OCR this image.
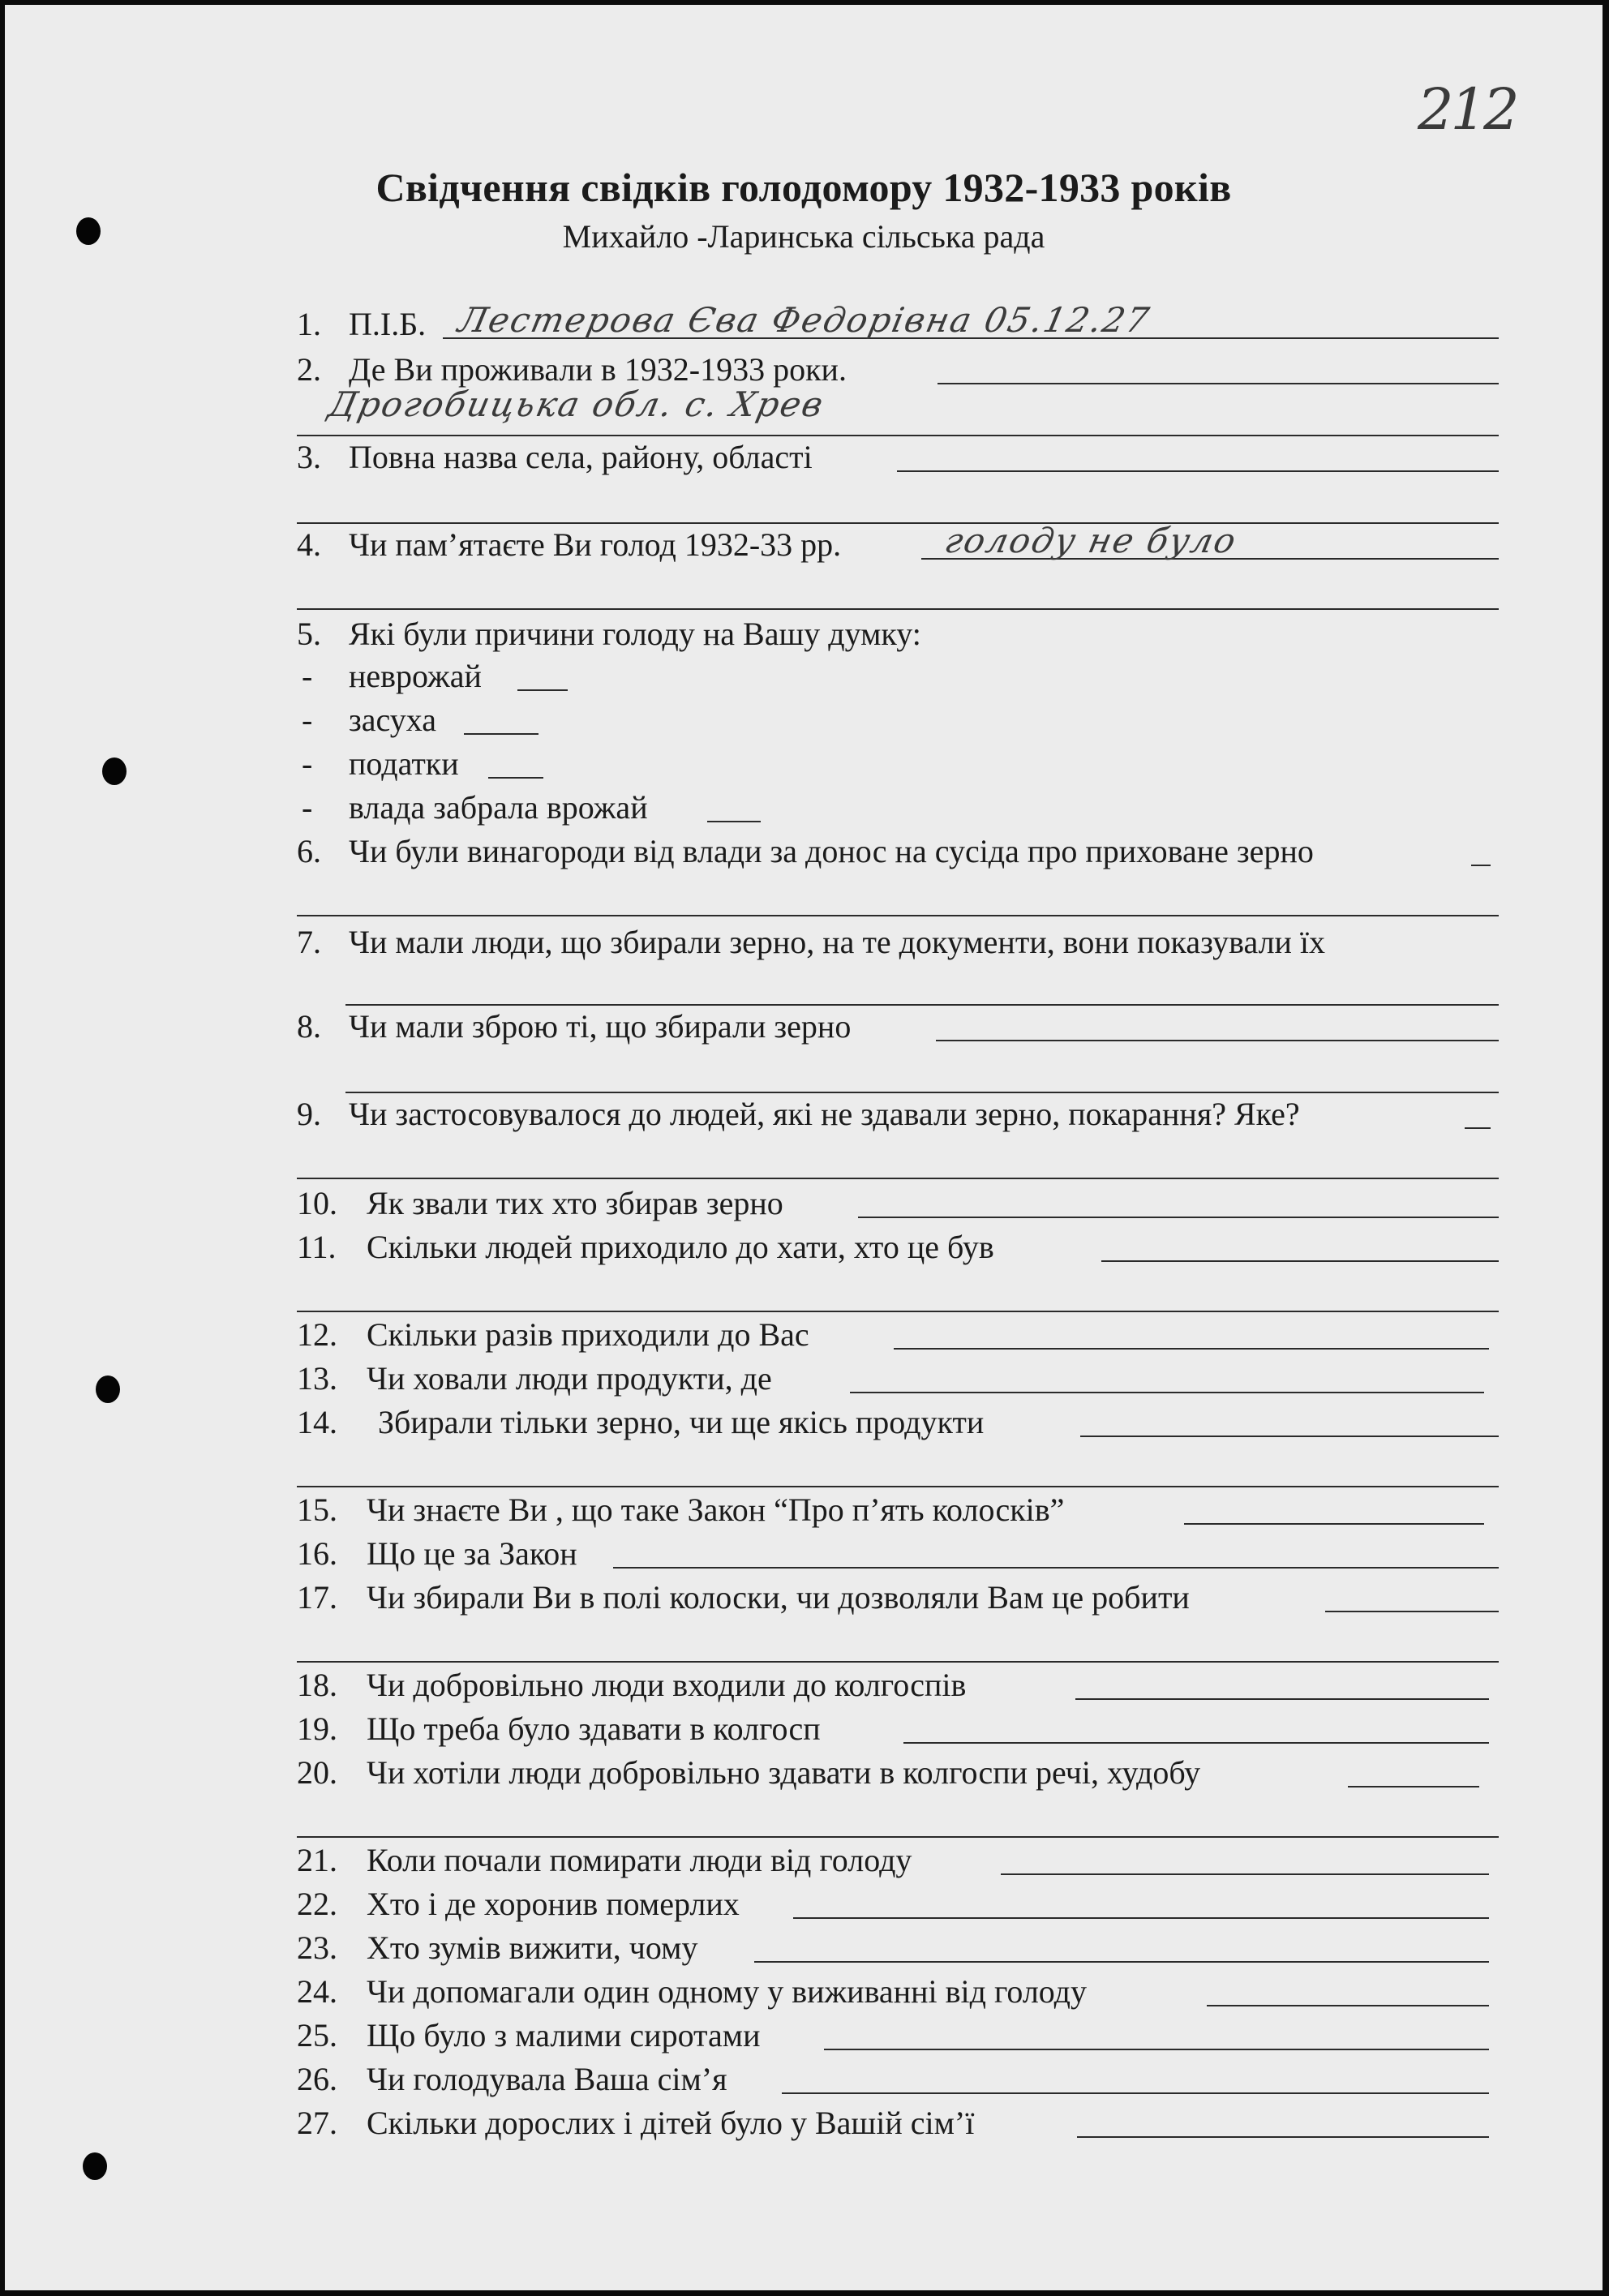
212
Свідчення свідків голодомору 1932-1933 років
Михайло -Ларинська сільська рада
1. П.І.Б. Лестерова Єва Федорівна 05.12.27
2. Де Ви проживали в 1932-1933 роки.
Дрогобицька обл. с. Хрев
3. Повна назва села, району, області
4. Чи пам’ятаєте Ви голод 1932-33 рр.	голоду не було
5. Які були причини голоду на Вашу думку:
- неврожай
- засуха
- податки
- влада забрала врожай
6. Чи були винагороди від влади за донос на сусіда про приховане зерно
7. Чи мали люди, що збирали зерно, на те документи, вони показували їх
8. Чи мали зброю ті, що збирали зерно
9. Чи застосовувалося до людей, які не здавали зерно, покарання? Яке?
10. Як звали тих хто збирав зерно
11. Скільки людей приходило до хати, хто це був
12. Скільки разів приходили до Вас
13. Чи ховали люди продукти, де
14. Збирали тільки зерно, чи ще якісь продукти
15. Чи знаєте Ви , що таке Закон “Про п’ять колосків”
16. Що це за Закон
17. Чи збирали Ви в полі колоски, чи дозволяли Вам це робити
18. Чи добровільно люди входили до колгоспів
19. Що треба було здавати в колгосп
20. Чи хотіли люди добровільно здавати в колгоспи речі, худобу
21. Коли почали помирати люди від голоду
22. Хто і де хоронив померлих
23. Хто зумів вижити, чому
24. Чи допомагали один одному у виживанні від голоду
25. Що було з малими сиротами
26. Чи голодувала Ваша сім’я
27. Скільки дорослих і дітей було у Вашій сім’ї
